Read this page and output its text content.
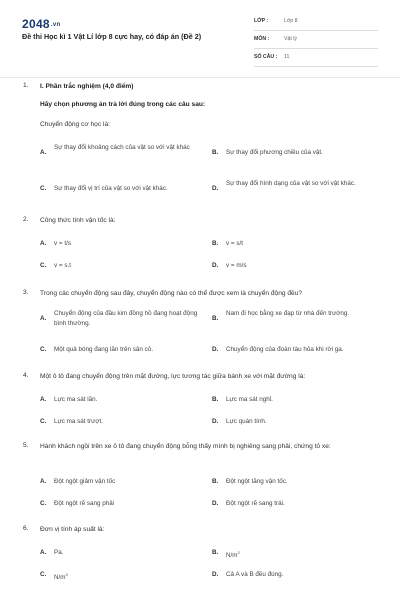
2048.vn
Đề thi Học kì 1 Vật Lí lớp 8 cực hay, có đáp án (Đề 2)
LỚP :	Lớp 8
MÔN :	Vật lý
SỐ CÂU : 11
1. I. Phần trắc nghiệm (4,0 điểm)
Hãy chọn phương án trả lời đúng trong các câu sau:
Chuyển động cơ học là:
A.
Sự thay đổi khoảng cách của vật so với vật khác
B. Sự thay đổi phương chiều của vật.
C. Sự thay đổi vị trí của vật so với vật khác.	D.
Sự thay đổi hình dạng của vật so với vật khác.
2. Công thức tính vận tốc là:
A. v = t/s	B. v = s/t
C. v = s.t	D. v = m/s
3. Trong các chuyển động sau đây, chuyển động nào có thể được xem là chuyển động đều?
A.
Chuyển động của đầu kim đồng hồ đang hoạt động bình thường.
B.
Nam đi học bằng xe đạp từ nhà đến trường.
C. Một quả bóng đang lăn trên sân cỏ.	D. Chuyển động của đoàn tàu hỏa khi rời ga.
4. Một ô tô đang chuyển động trên mặt đường, lực tương tác giữa bánh xe với mặt đường là:
A. Lực ma sát lăn.	B. Lực ma sát nghỉ.
C. Lực ma sát trượt.	D. Lực quán tính.
5. Hành khách ngồi trên xe ô tô đang chuyển động bỗng thấy mình bị nghiêng sang phải, chứng tỏ xe:
A. Đột ngột giảm vận tốc	B. Đột ngột tăng vận tốc.
C. Đột ngột rẽ sang phải	D. Đột ngột rẽ sang trái.
6. Đơn vị tính áp suất là:
A. Pa.	B. $N/m^2$
C. $N/m^3$	D. Cả A và B đều đúng.
